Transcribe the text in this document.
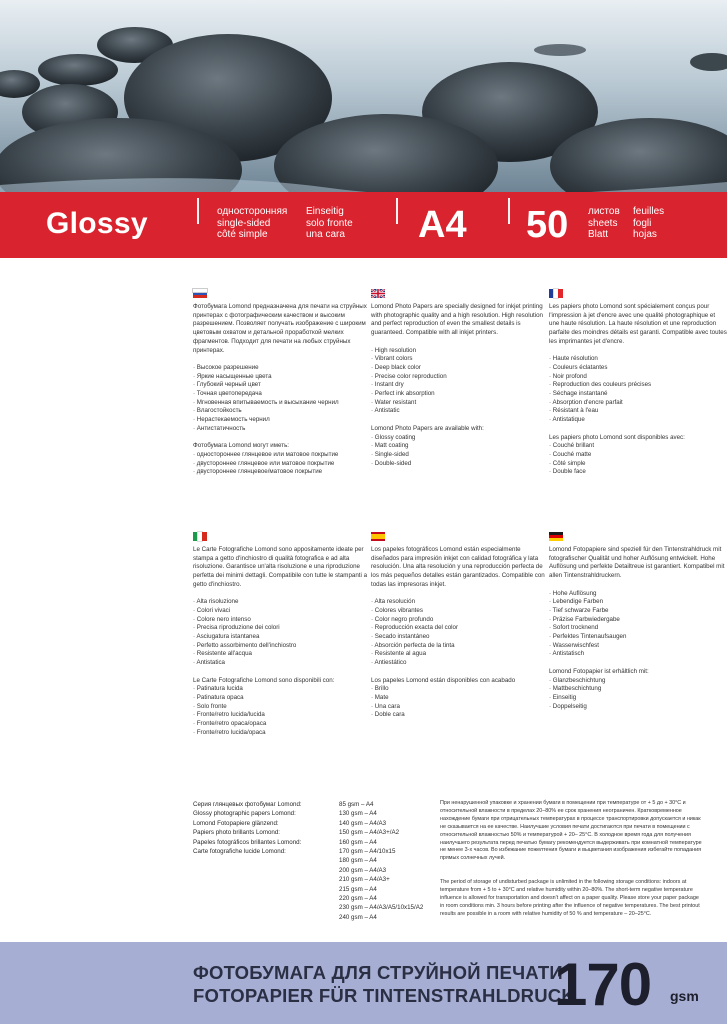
Glossy	односторонняя
single-sided
côté simple
Einseitig
solo fronte
una cara A4 50 листов
sheets
Blatt
feuilles
fogli
hojas

Фотобумага Lomond предназначена для печати на струйных принтерах с фотографическим качеством и высоким разрешением. Позволяет получать изображение с широким цветовым охватом и детальной проработкой мелких фрагментов. Подходит для печати на любых струйных принтерах.

· Высокое разрешение
· Яркие насыщенные цвета
· Глубокий черный цвет
· Точная цветопередача
· Мгновенная впитываемость и высыхание чернил
· Влагостойкость
· Нерастекаемость чернил
· Антистатичность

Фотобумага Lomond могут иметь:

· одностороннее глянцевое или матовое покрытие
· двустороннее глянцевое или матовое покрытие
· двустороннее глянцевое/матовое покрытие

Lomond Photo Papers are specially designed for inkjet printing with photographic quality and a high resolution. High resolution and perfect reproduction of even the smallest details is guaranteed. Compatible with all inkjet printers.

· High resolution
· Vibrant colors
· Deep black color
· Precise color reproduction
· Instant dry
· Perfect ink absorption
· Water resistant
· Antistatic

Lomond Photo Papers are available with:

· Glossy coating
· Matt coating
· Single-sided
· Double-sided

Les papiers photo Lomond sont spécialement conçus pour l'impression à jet d'encre avec une qualité photographique et une haute résolution. La haute résolution et une reproduction parfaite des moindres détails est garanti. Compatible avec toutes les imprimantes jet d'encre.

· Haute résolution
· Couleurs éclatantes
· Noir profond
· Reproduction des couleurs précises
· Séchage instantané
· Absorption d'encre parfait
· Résistant à l'eau
· Antistatique

Les papiers photo Lomond sont disponibles avec:

· Couché brillant
· Couché matte
· Côté simple
· Double face

Le Carte Fotografiche Lomond sono appositamente ideate per stampa a getto d'inchiostro di qualità fotografica e ad alta risoluzione. Garantisce un'alta risoluzione e una riproduzione perfetta dei minimi dettagli. Compatibile con tutte le stampanti a getto d'inchiostro.

· Alta risoluzione
· Colori vivaci
· Colore nero intenso
· Precisa riproduzione dei colori
· Asciugatura istantanea
· Perfetto assorbimento dell'inchiostro
· Resistente all'acqua
· Antistatica

Le Carte Fotografiche Lomond sono disponibili con:

· Patinatura lucida
· Patinatura opaca
· Solo fronte
· Fronte/retro lucida/lucida
· Fronte/retro opaca/opaca
· Fronte/retro lucida/opaca

Los papeles fotográficos Lomond están especialmente diseñados para impresión inkjet con calidad fotográfica y lata resolución. Una alta resolución y una reproducción perfecta de los más pequeños detalles están garantizados. Compatible con todas las impresoras inkjet.

· Alta resolución
· Colores vibrantes
· Color negro profundo
· Reproducción exacta del color
· Secado instantáneo
· Absorción perfecta de la tinta
· Resistente al agua
· Antiestático

Los papeles Lomond están disponibles con acabado

· Brillo
· Mate
· Una cara
· Doble cara

Lomond Fotopapiere sind speziell für den Tintenstrahldruck mit fotografischer Qualität und hoher Auflösung entwickelt. Hohe Auflösung und perfekte Detailtreue ist garantiert. Kompatibel mit allen Tintenstrahldruckern.

· Hohe Auflösung
· Lebendige Farben
· Tief schwarze Farbe
· Präzise Farbwiedergabe
· Sofort trocknend
· Perfektes Tintenaufsaugen
· Wasserwischfest
· Antistatisch

Lomond Fotopapier ist erhältlich mit:

· Glanzbeschichtung
· Mattbeschichtung
· Einseitig
· Doppelseitig
Серия глянцевых фотобумаг Lomond:
Glossy photographic papers Lomond:
Lomond Fotopapiere glänzend:
Papiers photo brillants Lomond:
Papeles fotográficos brillantes Lomond:
Carte fotografiche lucide Lomond:
85 gsm – A4
130 gsm – A4
140 gsm – A4/A3
150 gsm – A4/A3+/A2
160 gsm – A4
170 gsm – A4/10x15
180 gsm – A4
200 gsm – A4/A3
210 gsm – A4/A3+
215 gsm – A4
220 gsm – A4
230 gsm – A4/A3/A5/10x15/A2
240 gsm – A4
При ненарушенной упаковке и хранении бумаги в помещении при температуре от + 5 до + 30°С и относительной влажности в пределах 20–80% ее срок хранения неограничен. Кратковременное нахождение бумаги при отрицательных температурах в процессе транспортировки допускается и никак не сказывается на ее качестве. Наилучшие условия печати достигаются при печати в помещении с относительной влажностью 50% и температурой + 20– 25°С. В холодное время года для получения наилучшего результата перед печатью бумагу рекомендуется выдерживать при комнатной температуре не менее 3-х часов. Во избежание пожелтения бумаги и выцветания изображения избегайте попадания прямых солнечных лучей.
The period of storage of undisturbed package is unlimited in the following storage conditions: indoors at temperature from + 5 to + 30°C and relative humidity within 20–80%. The short-term negative temperature influence is allowed for transportation and doesn't affect on a paper quality. Please store your paper package in room conditions min. 3 hours before printing after the influence of negative temperatures. The best printout results are possible in a room with relative humidity of 50 % and temperature – 20–25°C.
ФОТОБУМАГА ДЛЯ СТРУЙНОЙ ПЕЧАТИ
FOTOPAPIER FÜR TINTENSTRAHLDRUCK
170 gsm
